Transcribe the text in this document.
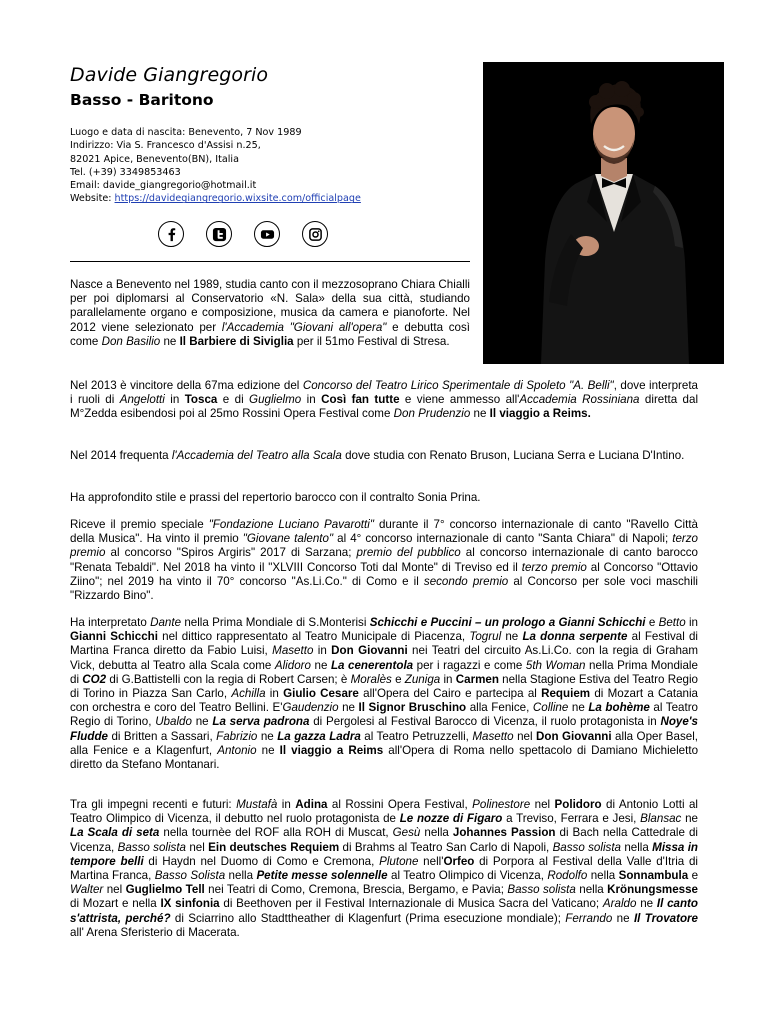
Davide Giangregorio
Basso - Baritono
Luogo e data di nascita: Benevento, 7 Nov 1989
Indirizzo: Via S. Francesco d'Assisi n.25,
82021 Apice, Benevento(BN), Italia
Tel. (+39) 3349853463
Email: davide_giangregorio@hotmail.it
Website: https://davidegiangregorio.wixsite.com/officialpage
Nasce a Benevento nel 1989, studia canto con il mezzosoprano Chiara Chialli per poi diplomarsi al Conservatorio «N. Sala» della sua città, studiando parallelamente organo e composizione, musica da camera e pianoforte. Nel 2012 viene selezionato per l'Accademia "Giovani all'opera" e debutta così come Don Basilio ne Il Barbiere di Siviglia per il 51mo Festival di Stresa.
Nel 2013 è vincitore della 67ma edizione del Concorso del Teatro Lirico Sperimentale di Spoleto "A. Belli", dove interpreta i ruoli di Angelotti in Tosca e di Guglielmo in Così fan tutte e viene ammesso all'Accademia Rossiniana diretta dal M°Zedda esibendosi poi al 25mo Rossini Opera Festival come Don Prudenzio ne Il viaggio a Reims.
Nel 2014 frequenta l'Accademia del Teatro alla Scala dove studia con Renato Bruson, Luciana Serra e Luciana D'Intino.
Ha approfondito stile e prassi del repertorio barocco con il contralto Sonia Prina.
Riceve il premio speciale "Fondazione Luciano Pavarotti" durante il 7° concorso internazionale di canto "Ravello Città della Musica". Ha vinto il premio "Giovane talento" al 4° concorso internazionale di canto "Santa Chiara" di Napoli; terzo premio al concorso "Spiros Argiris" 2017 di Sarzana; premio del pubblico al concorso internazionale di canto barocco "Renata Tebaldi". Nel 2018 ha vinto il "XLVIII Concorso Toti dal Monte" di Treviso ed il terzo premio al Concorso "Ottavio Ziino"; nel 2019 ha vinto il 70° concorso "As.Li.Co." di Como e il secondo premio al Concorso per sole voci maschili "Rizzardo Bino".
Ha interpretato Dante nella Prima Mondiale di S.Monterisi Schicchi e Puccini – un prologo a Gianni Schicchi e Betto in Gianni Schicchi nel dittico rappresentato al Teatro Municipale di Piacenza, Togrul ne La donna serpente al Festival di Martina Franca diretto da Fabio Luisi, Masetto in Don Giovanni nei Teatri del circuito As.Li.Co. con la regia di Graham Vick, debutta al Teatro alla Scala come Alidoro ne La cenerentola per i ragazzi e come 5th Woman nella Prima Mondiale di CO2 di G.Battistelli con la regia di Robert Carsen; è Moralès e Zuniga in Carmen nella Stagione Estiva del Teatro Regio di Torino in Piazza San Carlo, Achilla in Giulio Cesare all'Opera del Cairo e partecipa al Requiem di Mozart a Catania con orchestra e coro del Teatro Bellini. E'Gaudenzio ne Il Signor Bruschino alla Fenice, Colline ne La bohème al Teatro Regio di Torino, Ubaldo ne La serva padrona di Pergolesi al Festival Barocco di Vicenza, il ruolo protagonista in Noye's Fludde di Britten a Sassari, Fabrizio ne La gazza Ladra al Teatro Petruzzelli, Masetto nel Don Giovanni alla Oper Basel, alla Fenice e a Klagenfurt, Antonio ne Il viaggio a Reims all'Opera di Roma nello spettacolo di Damiano Michieletto diretto da Stefano Montanari.
Tra gli impegni recenti e futuri: Mustafà in Adina al Rossini Opera Festival, Polinestore nel Polidoro di Antonio Lotti al Teatro Olimpico di Vicenza, il debutto nel ruolo protagonista de Le nozze di Figaro a Treviso, Ferrara e Jesi, Blansac ne La Scala di seta nella tournèe del ROF alla ROH di Muscat, Gesù nella Johannes Passion di Bach nella Cattedrale di Vicenza, Basso solista nel Ein deutsches Requiem di Brahms al Teatro San Carlo di Napoli, Basso solista nella Missa in tempore belli di Haydn nel Duomo di Como e Cremona, Plutone nell'Orfeo di Porpora al Festival della Valle d'Itria di Martina Franca, Basso Solista nella Petite messe solennelle al Teatro Olimpico di Vicenza, Rodolfo nella Sonnambula e Walter nel Guglielmo Tell nei Teatri di Como, Cremona, Brescia, Bergamo, e Pavia; Basso solista nella Krönungsmesse di Mozart e nella IX sinfonia di Beethoven per il Festival Internazionale di Musica Sacra del Vaticano; Araldo ne Il canto s'attrista, perché? di Sciarrino allo Stadttheather di Klagenfurt (Prima esecuzione mondiale); Ferrando ne Il Trovatore all' Arena Sferisterio di Macerata.
